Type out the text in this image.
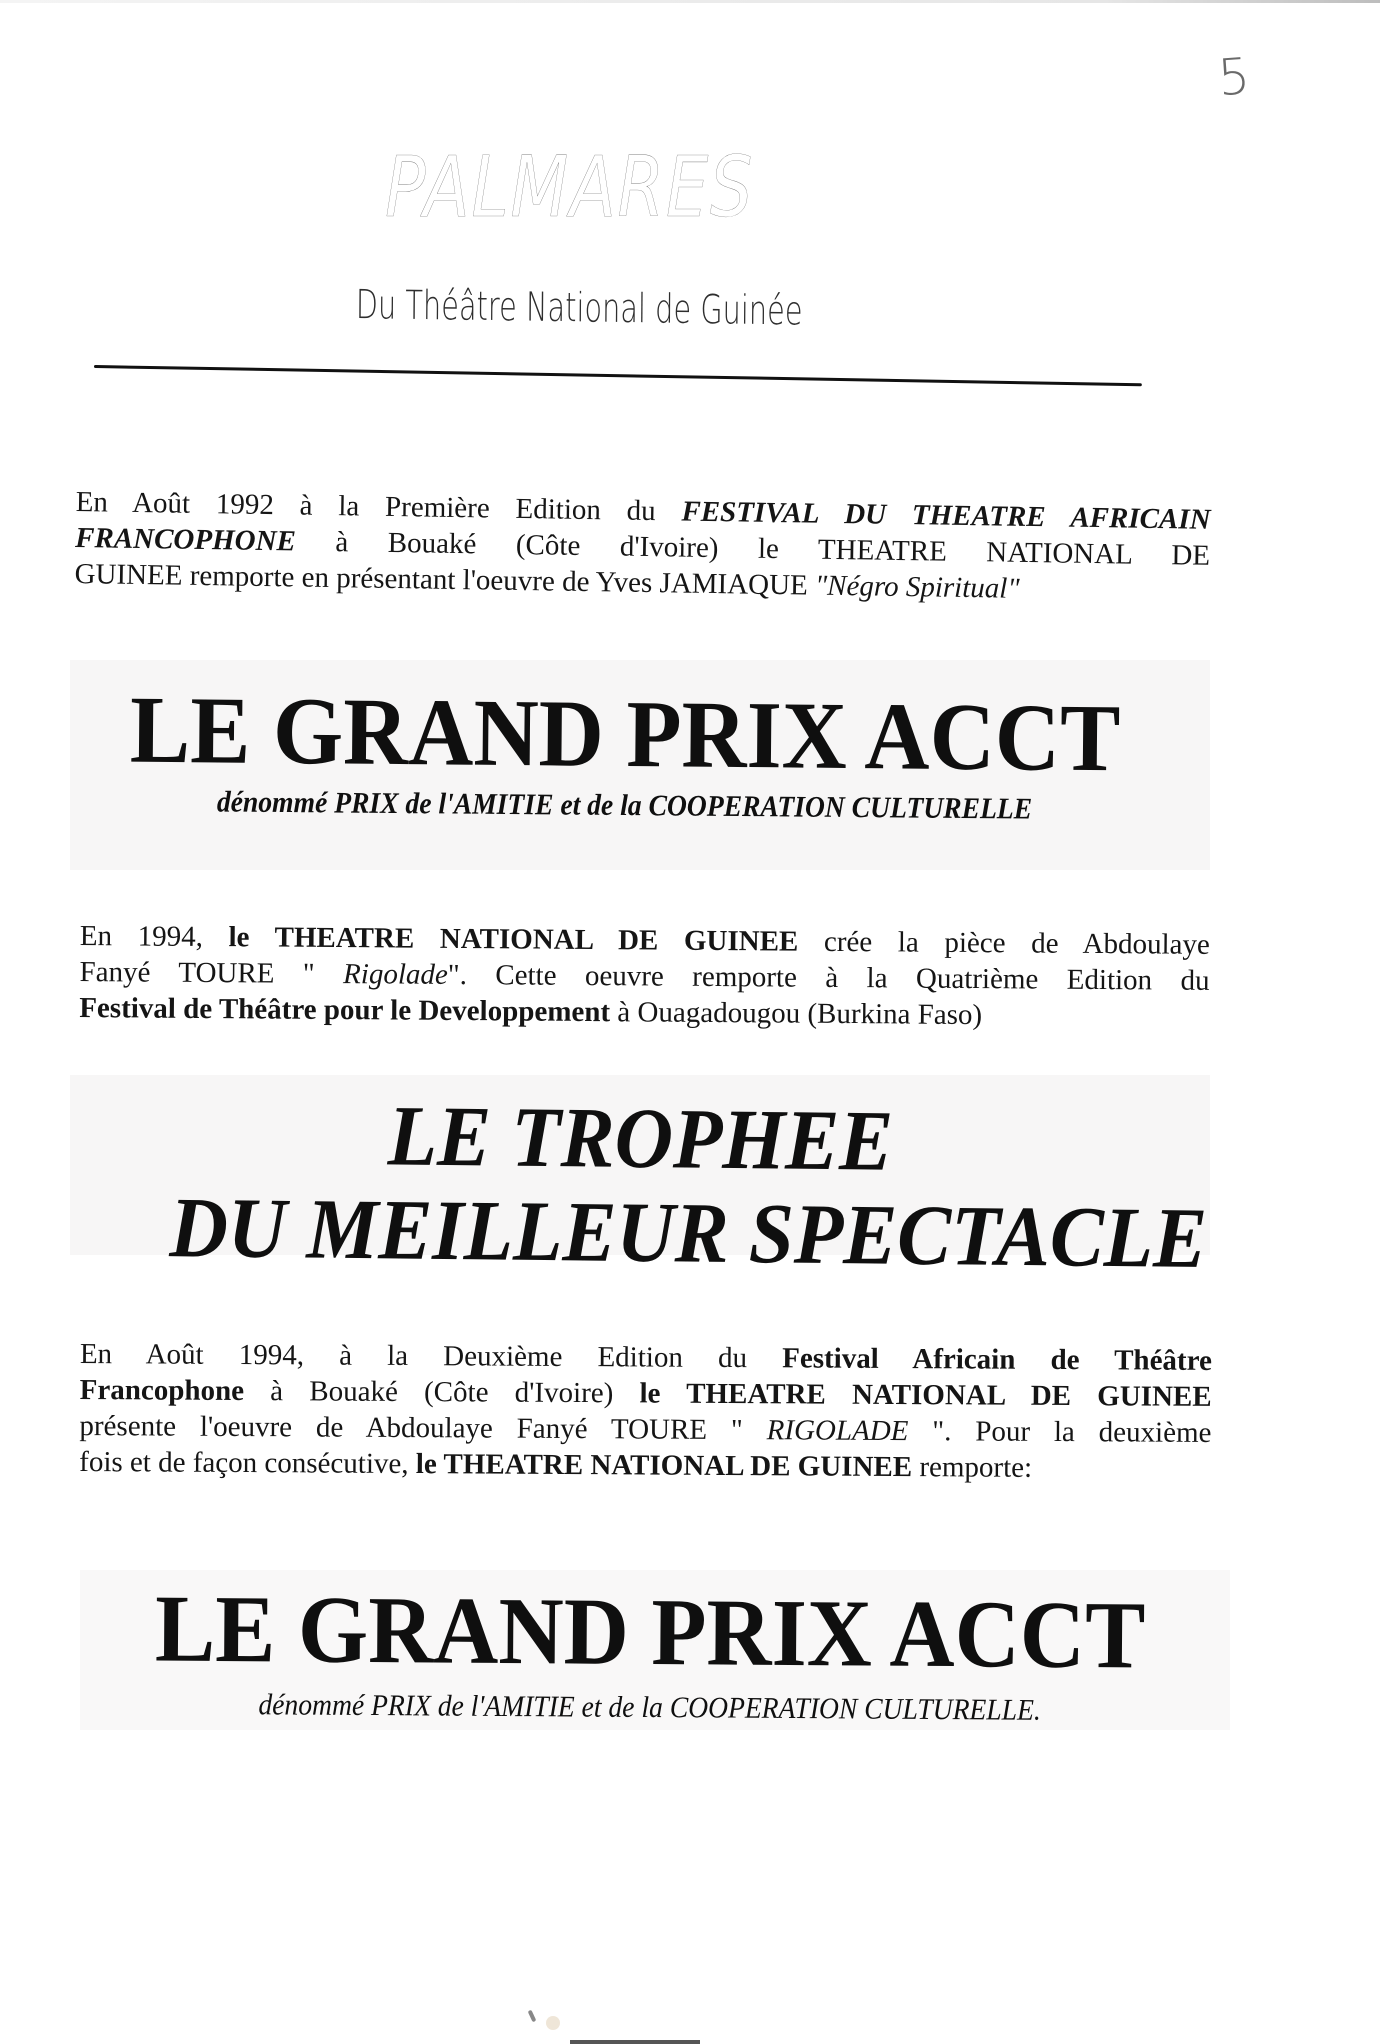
5
PALMARES
Du Théâtre National de Guinée
En Août 1992 à la Première Edition du FESTIVAL DU THEATRE AFRICAIN
FRANCOPHONE à Bouaké (Côte d'Ivoire) le THEATRE NATIONAL DE
GUINEE remporte en présentant l'oeuvre de Yves JAMIAQUE "Négro Spiritual"
LE GRAND PRIX ACCT
dénommé PRIX de l'AMITIE et de la COOPERATION CULTURELLE
En 1994, le THEATRE NATIONAL DE GUINEE crée la pièce de Abdoulaye
Fanyé TOURE " Rigolade". Cette oeuvre remporte à la Quatrième Edition du
Festival de Théâtre pour le Developpement à Ouagadougou (Burkina Faso)
LE TROPHEE
DU MEILLEUR SPECTACLE
En Août 1994, à la Deuxième Edition du Festival Africain de Théâtre
Francophone à Bouaké (Côte d'Ivoire) le THEATRE NATIONAL DE GUINEE
présente l'oeuvre de Abdoulaye Fanyé TOURE " RIGOLADE ". Pour la deuxième
fois et de façon consécutive, le THEATRE NATIONAL DE GUINEE remporte:
LE GRAND PRIX ACCT
dénommé PRIX de l'AMITIE et de la COOPERATION CULTURELLE.
